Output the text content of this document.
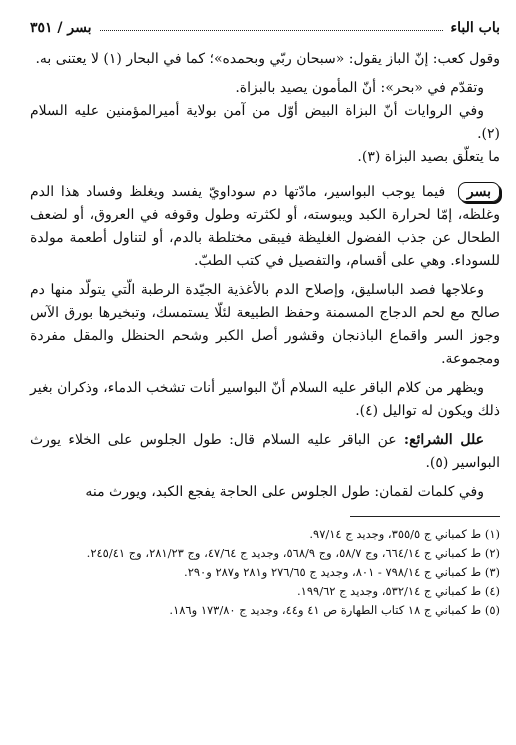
باب الباء
بسر / ٣٥١

وقول كعب: إنّ الباز يقول: «سبحان ربّي وبحمده»؛ كما في البحار (١) لا يعتنى به.

وتقدّم في «بحر»: أنّ المأمون يصيد بالبزاة.

وفي الروايات أنّ البزاة البيض أوّل من آمن بولاية أميرالمؤمنين عليه السلام (٢).

ما يتعلّق بصيد البزاة (٣).

بسر فيما يوجب البواسير، مادّتها دم سوداويّ يفسد ويغلظ وفساد هذا الدم وغلظه، إمّا لحرارة الكبد ويبوسته، أو لكثرته وطول وقوفه في العروق، أو لضعف الطحال عن جذب الفضول الغليظة فيبقى مختلطة بالدم، أو لتناول أطعمة مولدة للسوداء. وهي على أقسام، والتفصيل في كتب الطبّ.

وعلاجها فصد الباسليق، وإصلاح الدم بالأغذية الجيّدة الرطبة الّتي يتولّد منها دم صالح مع لحم الدجاج المسمنة وحفظ الطبيعة لئلّا يستمسك، وتبخيرها بورق الآس وجوز السر واقماع الباذنجان وقشور أصل الكبر وشحم الحنظل والمقل مفردة ومجموعة.

ويظهر من كلام الباقر عليه السلام أنّ البواسير أنات تشخب الدماء، وذكران بغير ذلك ويكون له تواليل (٤).

علل الشرائع: عن الباقر عليه السلام قال: طول الجلوس على الخلاء يورث البواسير (٥).

وفي كلمات لقمان: طول الجلوس على الحاجة يفجع الكبد، ويورث منه

(١) ط كمباني ج ٣٥٥/٥، وجديد ج ٩٧/١٤.

(٢) ط كمباني ج ٦٦٤/١٤، وج ٥٨/٧، وج ٥٦٨/٩، وجديد ج ٤٧/٦٤، وج ٢٨١/٢٣، وج ٢٤٥/٤١.

(٣) ط كمباني ج ٧٩٨/١٤ - ٨٠١، وجديد ج ٢٧٦/٦٥ و٢٨١ و٢٨٧ و٢٩٠.

(٤) ط كمباني ج ٥٣٢/١٤، وجديد ج ١٩٩/٦٢.

(٥) ط كمباني ج ١٨ كتاب الطهارة ص ٤١ و٤٤، وجديد ج ١٧٣/٨٠ و١٨٦.
